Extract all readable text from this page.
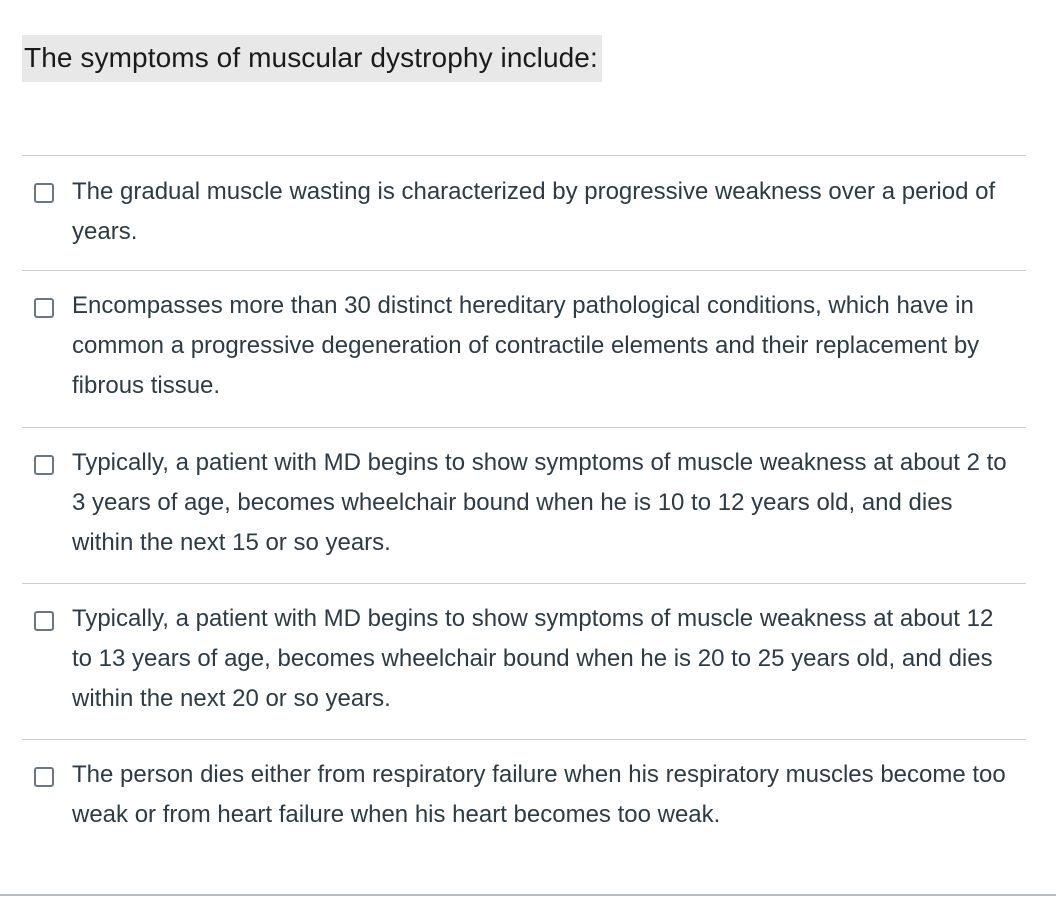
The symptoms of muscular dystrophy include:
The gradual muscle wasting is characterized by progressive weakness over a period of years.
Encompasses more than 30 distinct hereditary pathological conditions, which have in common a progressive degeneration of contractile elements and their replacement by fibrous tissue.
Typically, a patient with MD begins to show symptoms of muscle weakness at about 2 to 3 years of age, becomes wheelchair bound when he is 10 to 12 years old, and dies within the next 15 or so years.
Typically, a patient with MD begins to show symptoms of muscle weakness at about 12 to 13 years of age, becomes wheelchair bound when he is 20 to 25 years old, and dies within the next 20 or so years.
The person dies either from respiratory failure when his respiratory muscles become too weak or from heart failure when his heart becomes too weak.
